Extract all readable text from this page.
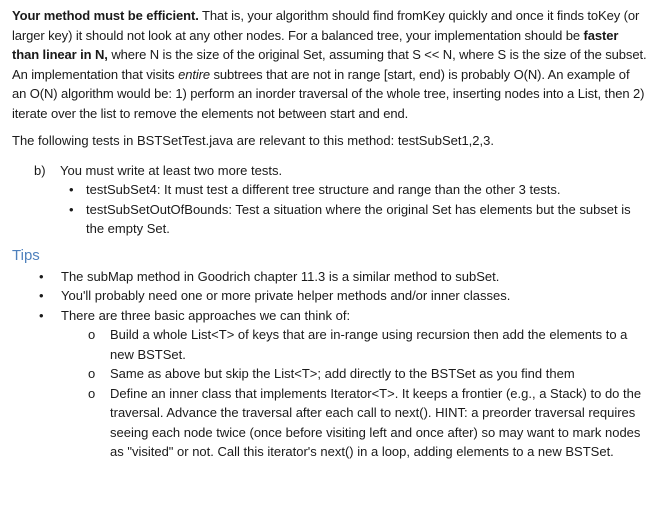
Your method must be efficient. That is, your algorithm should find fromKey quickly and once it finds toKey (or larger key) it should not look at any other nodes. For a balanced tree, your implementation should be faster than linear in N, where N is the size of the original Set, assuming that S << N, where S is the size of the subset. An implementation that visits entire subtrees that are not in range [start, end) is probably O(N). An example of an O(N) algorithm would be: 1) perform an inorder traversal of the whole tree, inserting nodes into a List, then 2) iterate over the list to remove the elements not between start and end.

The following tests in BSTSetTest.java are relevant to this method: testSubSet1,2,3.

b) You must write at least two more tests.
• testSubSet4: It must test a different tree structure and range than the other 3 tests.
• testSubSetOutOfBounds: Test a situation where the original Set has elements but the subset is the empty Set.
Tips
• The subMap method in Goodrich chapter 11.3 is a similar method to subSet.
• You'll probably need one or more private helper methods and/or inner classes.
• There are three basic approaches we can think of:
o Build a whole List<T> of keys that are in-range using recursion then add the elements to a new BSTSet.
o Same as above but skip the List<T>; add directly to the BSTSet as you find them
o Define an inner class that implements Iterator<T>. It keeps a frontier (e.g., a Stack) to do the traversal. Advance the traversal after each call to next(). HINT: a preorder traversal requires seeing each node twice (once before visiting left and once after) so may want to mark nodes as "visited" or not. Call this iterator's next() in a loop, adding elements to a new BSTSet.
